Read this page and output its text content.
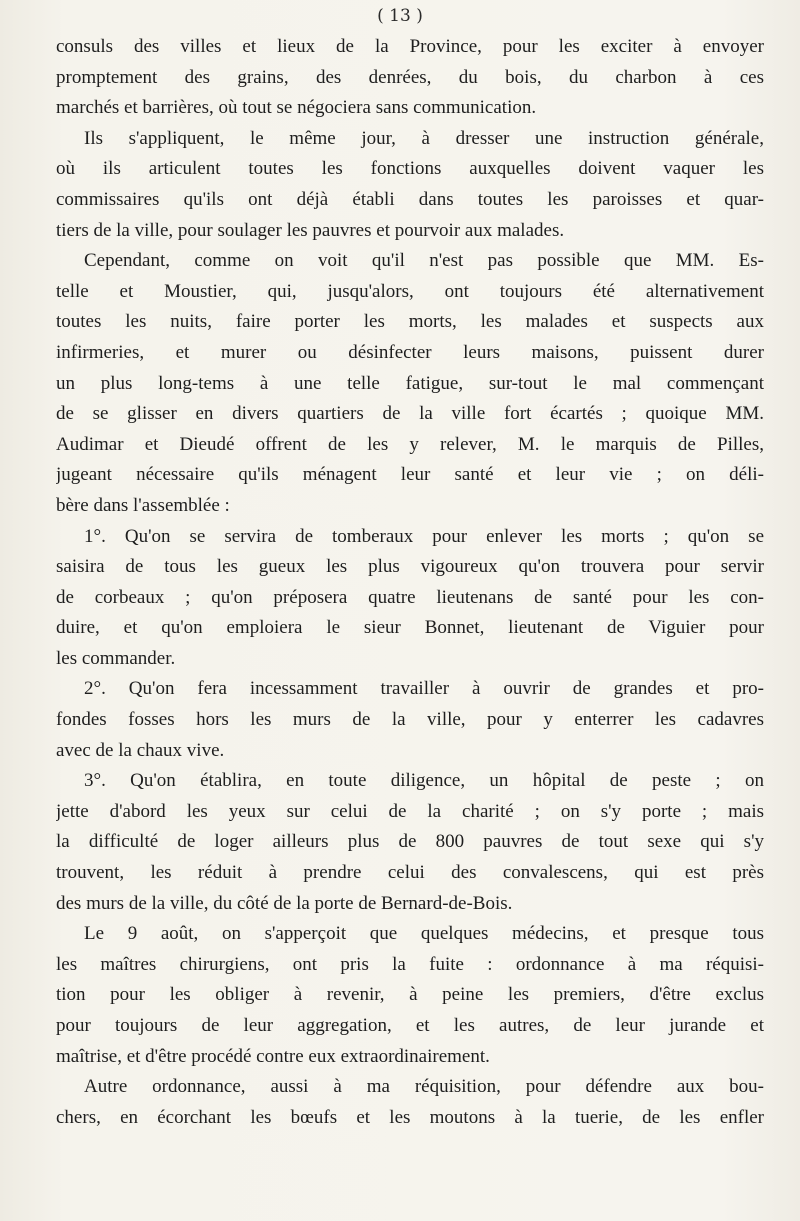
( 13 )
consuls des villes et lieux de la Province, pour les exciter à envoyer
promptement des grains, des denrées, du bois, du charbon à ces
marchés et barrières, où tout se négociera sans communication.
Ils s'appliquent, le même jour, à dresser une instruction générale,
où ils articulent toutes les fonctions auxquelles doivent vaquer les
commissaires qu'ils ont déjà établi dans toutes les paroisses et quar-
tiers de la ville, pour soulager les pauvres et pourvoir aux malades.
Cependant, comme on voit qu'il n'est pas possible que MM. Es-
telle et Moustier, qui, jusqu'alors, ont toujours été alternativement
toutes les nuits, faire porter les morts, les malades et suspects aux
infirmeries, et murer ou désinfecter leurs maisons, puissent durer
un plus long-tems à une telle fatigue, sur-tout le mal commençant
de se glisser en divers quartiers de la ville fort écartés ; quoique MM.
Audimar et Dieudé offrent de les y relever, M. le marquis de Pilles,
jugeant nécessaire qu'ils ménagent leur santé et leur vie ; on déli-
bère dans l'assemblée :
1°. Qu'on se servira de tomberaux pour enlever les morts ; qu'on se
saisira de tous les gueux les plus vigoureux qu'on trouvera pour servir
de corbeaux ; qu'on préposera quatre lieutenans de santé pour les con-
duire, et qu'on emploiera le sieur Bonnet, lieutenant de Viguier pour
les commander.
2°. Qu'on fera incessamment travailler à ouvrir de grandes et pro-
fondes fosses hors les murs de la ville, pour y enterrer les cadavres
avec de la chaux vive.
3°. Qu'on établira, en toute diligence, un hôpital de peste ; on
jette d'abord les yeux sur celui de la charité ; on s'y porte ; mais
la difficulté de loger ailleurs plus de 800 pauvres de tout sexe qui s'y
trouvent, les réduit à prendre celui des convalescens, qui est près
des murs de la ville, du côté de la porte de Bernard-de-Bois.
Le 9 août, on s'apperçoit que quelques médecins, et presque tous
les maîtres chirurgiens, ont pris la fuite : ordonnance à ma réquisi-
tion pour les obliger à revenir, à peine les premiers, d'être exclus
pour toujours de leur aggregation, et les autres, de leur jurande et
maîtrise, et d'être procédé contre eux extraordinairement.
Autre ordonnance, aussi à ma réquisition, pour défendre aux bou-
chers, en écorchant les bœufs et les moutons à la tuerie, de les enfler
